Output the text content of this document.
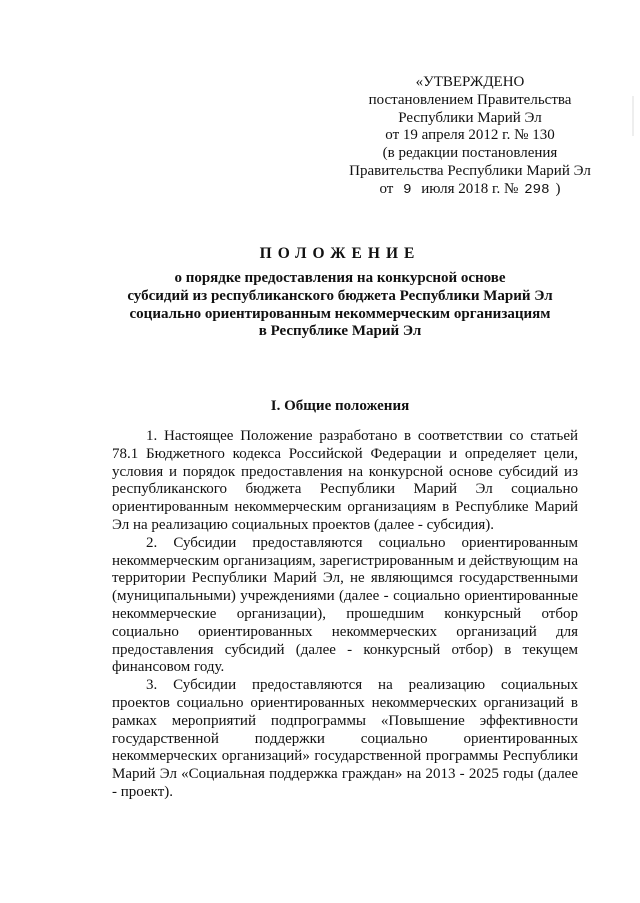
«УТВЕРЖДЕНО
постановлением Правительства
Республики Марий Эл
от 19 апреля 2012 г. № 130
(в редакции постановления
Правительства Республики Марий Эл
от 9 июля 2018 г. № 298 )
ПОЛОЖЕНИЕ
о порядке предоставления на конкурсной основе
субсидий из республиканского бюджета Республики Марий Эл
социально ориентированным некоммерческим организациям
в Республике Марий Эл
I. Общие положения

1. Настоящее Положение разработано в соответствии со статьей 78.1 Бюджетного кодекса Российской Федерации и определяет цели, условия и порядок предоставления на конкурсной основе субсидий из республиканского бюджета Республики Марий Эл социально ориентированным некоммерческим организациям в Республике Марий Эл на реализацию социальных проектов (далее - субсидия).

2. Субсидии предоставляются социально ориентированным некоммерческим организациям, зарегистрированным и действующим на территории Республики Марий Эл, не являющимся государственными (муниципальными) учреждениями (далее - социально ориентированные некоммерческие организации), прошедшим конкурсный отбор социально ориентированных некоммерческих организаций для предоставления субсидий (далее - конкурсный отбор) в текущем финансовом году.

3. Субсидии предоставляются на реализацию социальных проектов социально ориентированных некоммерческих организаций в рамках мероприятий подпрограммы «Повышение эффективности государственной поддержки социально ориентированных некоммерческих организаций» государственной программы Республики Марий Эл «Социальная поддержка граждан» на 2013 - 2025 годы (далее - проект).
